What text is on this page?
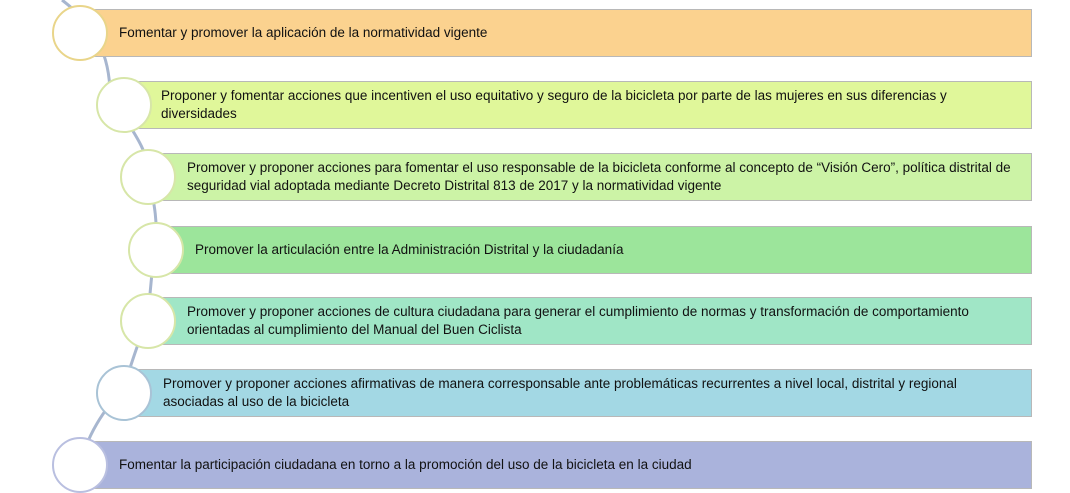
Fomentar y promover la aplicación de la normatividad vigente
Proponer y fomentar acciones que incentiven el uso equitativo y seguro de la bicicleta por parte de las mujeres en sus diferencias y diversidades
Promover y proponer acciones para fomentar el uso responsable de la bicicleta conforme al concepto de “Visión Cero”, política distrital de seguridad vial adoptada mediante Decreto Distrital 813 de 2017 y la normatividad vigente
Promover la articulación entre la Administración Distrital y la ciudadanía
Promover y proponer acciones de cultura ciudadana para generar el cumplimiento de normas y transformación de comportamiento orientadas al cumplimiento del Manual del Buen Ciclista
Promover y proponer acciones afirmativas de manera corresponsable ante problemáticas recurrentes a nivel local, distrital y regional asociadas al uso de la bicicleta
Fomentar la participación ciudadana en torno a la promoción del uso de la bicicleta en la ciudad
